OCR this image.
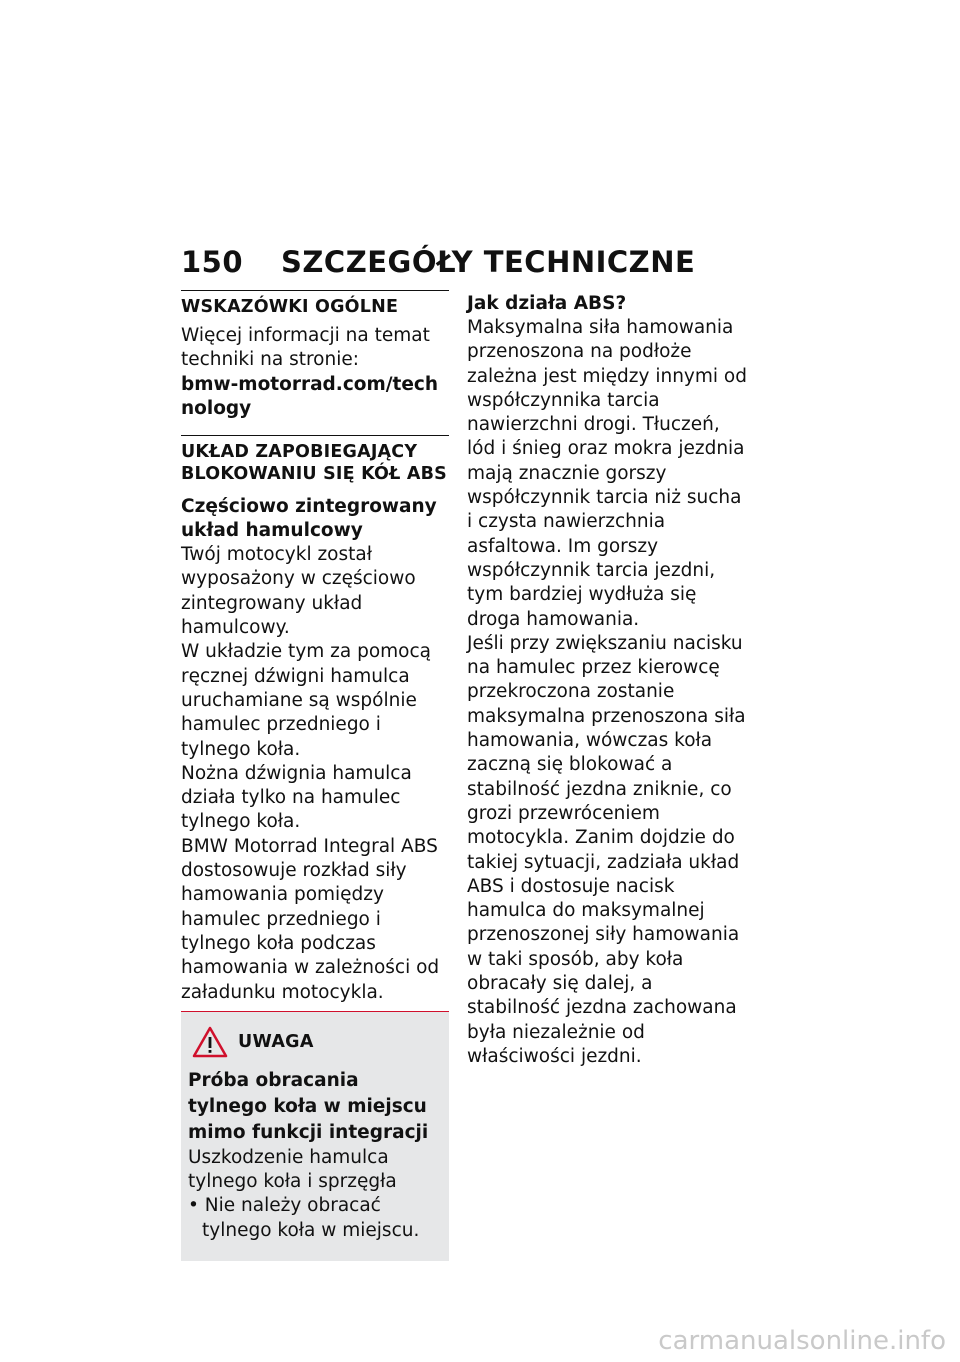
150 SZCZEGÓŁY TECHNICZNE
WSKAZÓWKI OGÓLNE

Więcej informacji na temat techniki na stronie:

bmw-motorrad.com/technology

UKŁAD ZAPOBIEGAJĄCY
BLOKOWANIU SIĘ KÓŁ ABS
Częściowo zintegrowany
układ hamulcowy

Twój motocykl został wyposażony w częściowo zintegrowany układ hamulcowy.

W układzie tym za pomocą ręcznej dźwigni hamulca uruchamiane są wspólnie hamulec przedniego i tylnego koła.

Nożna dźwignia hamulca działa tylko na hamulec tylnego koła.

BMW Motorrad Integral ABS dostosowuje rozkład siły hamowania pomiędzy hamulec przedniego i tylnego koła podczas hamowania w zależności od załadunku motocykla.

UWAGA
Próba obracania tylnego koła w miejscu mimo funkcji integracji

Uszkodzenie hamulca tylnego koła i sprzęgła

• Nie należy obracać tylnego koła w miejscu.

Jak działa ABS?

Maksymalna siła hamowania przenoszona na podłoże zależna jest między innymi od współczynnika tarcia nawierzchni drogi. Tłuczeń, lód i śnieg oraz mokra jezdnia mają znacznie gorszy współczynnik tarcia niż sucha i czysta nawierzchnia asfaltowa. Im gorszy współczynnik tarcia jezdni, tym bardziej wydłuża się droga hamowania.

Jeśli przy zwiększaniu nacisku na hamulec przez kierowcę przekroczona zostanie maksymalna przenoszona siła hamowania, wówczas koła zaczną się blokować a stabilność jezdna zniknie, co grozi przewróceniem motocykla. Zanim dojdzie do takiej sytuacji, zadziała układ ABS i dostosuje nacisk hamulca do maksymalnej przenoszonej siły hamowania w taki sposób, aby koła obracały się dalej, a stabilność jezdna zachowana była niezależnie od właściwości jezdni.

carmanualsonline.info
